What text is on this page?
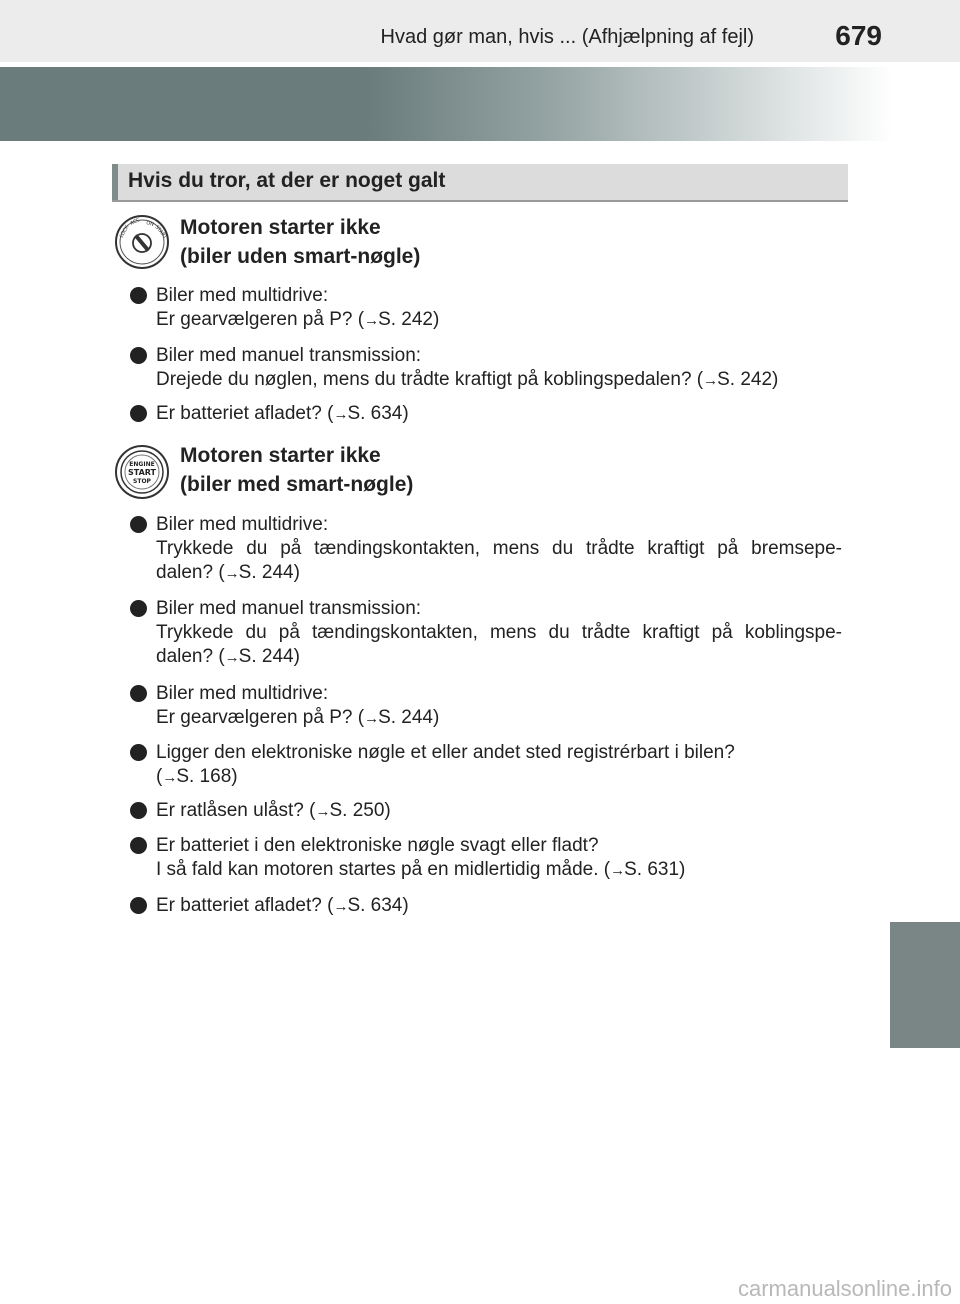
Hvad gør man, hvis ... (Afhjælpning af fejl)	679
Hvis du tror, at der er noget galt
LOCK
ACC ON
START Motoren starter ikke
(biler uden smart-nøgle)
Biler med multidrive:
Er gearvælgeren på P? (→S. 242)
Biler med manuel transmission:
Drejede du nøglen, mens du trådte kraftigt på koblingspedalen? (→S. 242)
Er batteriet afladet? (→S. 634)
ENGINE
START
STOP
Motoren starter ikke
(biler med smart-nøgle)
Biler med multidrive:
Trykkede du på tændingskontakten, mens du trådte kraftigt på bremsepe-
dalen? (→S. 244)
Biler med manuel transmission:
Trykkede du på tændingskontakten, mens du trådte kraftigt på koblingspe-
dalen? (→S. 244)
Biler med multidrive:
Er gearvælgeren på P? (→S. 244)
Ligger den elektroniske nøgle et eller andet sted registrérbart i bilen?
(→S. 168)
Er ratlåsen ulåst? (→S. 250)
Er batteriet i den elektroniske nøgle svagt eller fladt?
I så fald kan motoren startes på en midlertidig måde. (→S. 631)
Er batteriet afladet? (→S. 634)
carmanualsonline.info
